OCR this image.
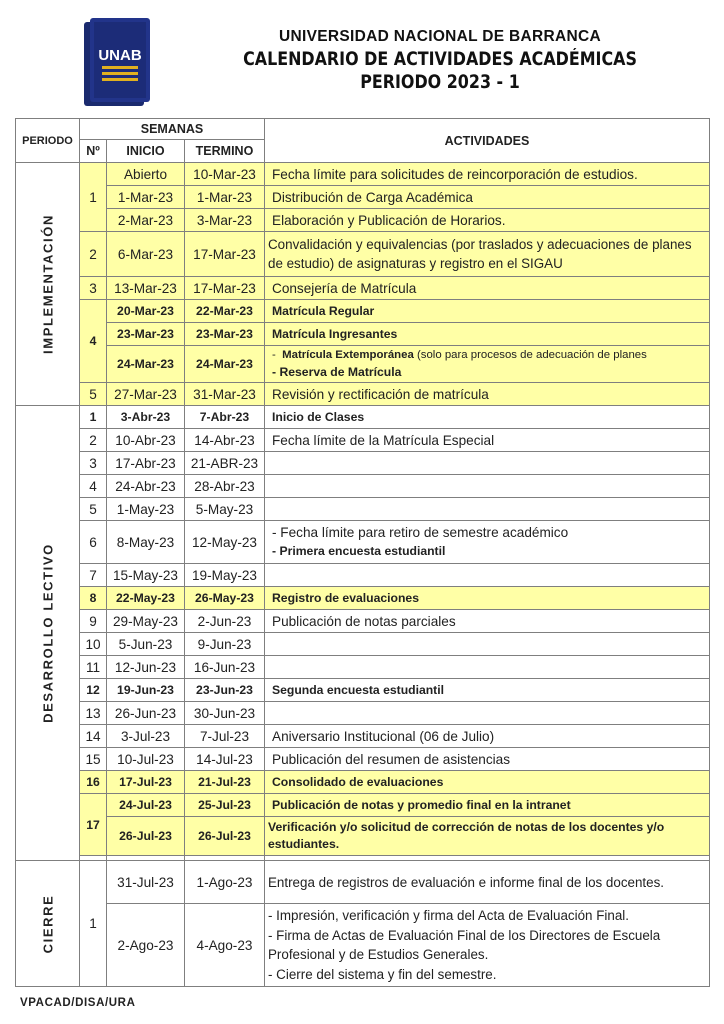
UNAB
UNIVERSIDAD NACIONAL DE BARRANCA
CALENDARIO DE ACTIVIDADES ACADÉMICAS
PERIODO 2023 - 1
PERIODO	SEMANAS			ACTIVIDADES
	Nº	INICIO	TERMINO	

IMPLEMENTACIÓN	1	Abierto	10-Mar-23	Fecha límite para solicitudes de reincorporación de estudios.
		1-Mar-23	1-Mar-23	Distribución de Carga Académica
		2-Mar-23	3-Mar-23	Elaboración y Publicación de Horarios.
	2	6-Mar-23	17-Mar-23	Convalidación y equivalencias (por traslados y adecuaciones de planes de estudio) de asignaturas y registro en el SIGAU
	3	13-Mar-23	17-Mar-23	Consejería de Matrícula
	4	20-Mar-23	22-Mar-23	Matrícula Regular
		23-Mar-23	23-Mar-23	Matrícula Ingresantes
		24-Mar-23	24-Mar-23	-  Matrícula Extemporánea (solo para procesos de adecuación de planes
- Reserva de Matrícula

	5	27-Mar-23	31-Mar-23	Revisión y rectificación de matrícula

DESARROLLO LECTIVO	1	3-Abr-23	7-Abr-23	Inicio de Clases
	2	10-Abr-23	14-Abr-23	Fecha límite de la Matrícula Especial
	3	17-Abr-23	21-ABR-23	
	4	24-Abr-23	28-Abr-23	
	5	1-May-23	5-May-23	
	6	8-May-23	12-May-23	- Fecha límite para retiro de semestre académico
- Primera encuesta estudiantil

	7	15-May-23	19-May-23	
	8	22-May-23	26-May-23	Registro de evaluaciones
	9	29-May-23	2-Jun-23	Publicación de notas parciales
	10	5-Jun-23	9-Jun-23	
	11	12-Jun-23	16-Jun-23	
	12	19-Jun-23	23-Jun-23	Segunda encuesta estudiantil
	13	26-Jun-23	30-Jun-23	
	14	3-Jul-23	7-Jul-23	Aniversario Institucional (06 de Julio)
	15	10-Jul-23	14-Jul-23	Publicación del resumen de asistencias
	16	17-Jul-23	21-Jul-23	Consolidado de evaluaciones
	17	24-Jul-23	25-Jul-23	Publicación de notas y promedio final en la intranet
		26-Jul-23	26-Jul-23	Verificación y/o solicitud de corrección de notas de los docentes y/o estudiantes.

CIERRE	1	31-Jul-23	1-Ago-23	Entrega de registros de evaluación e informe final de los docentes.
		2-Ago-23	4-Ago-23	- Impresión, verificación y firma del Acta de Evaluación Final.
- Firma de Actas de Evaluación Final de los Directores de Escuela Profesional y de Estudios Generales.
- Cierre del sistema y fin del semestre.
VPACAD/DISA/URA
